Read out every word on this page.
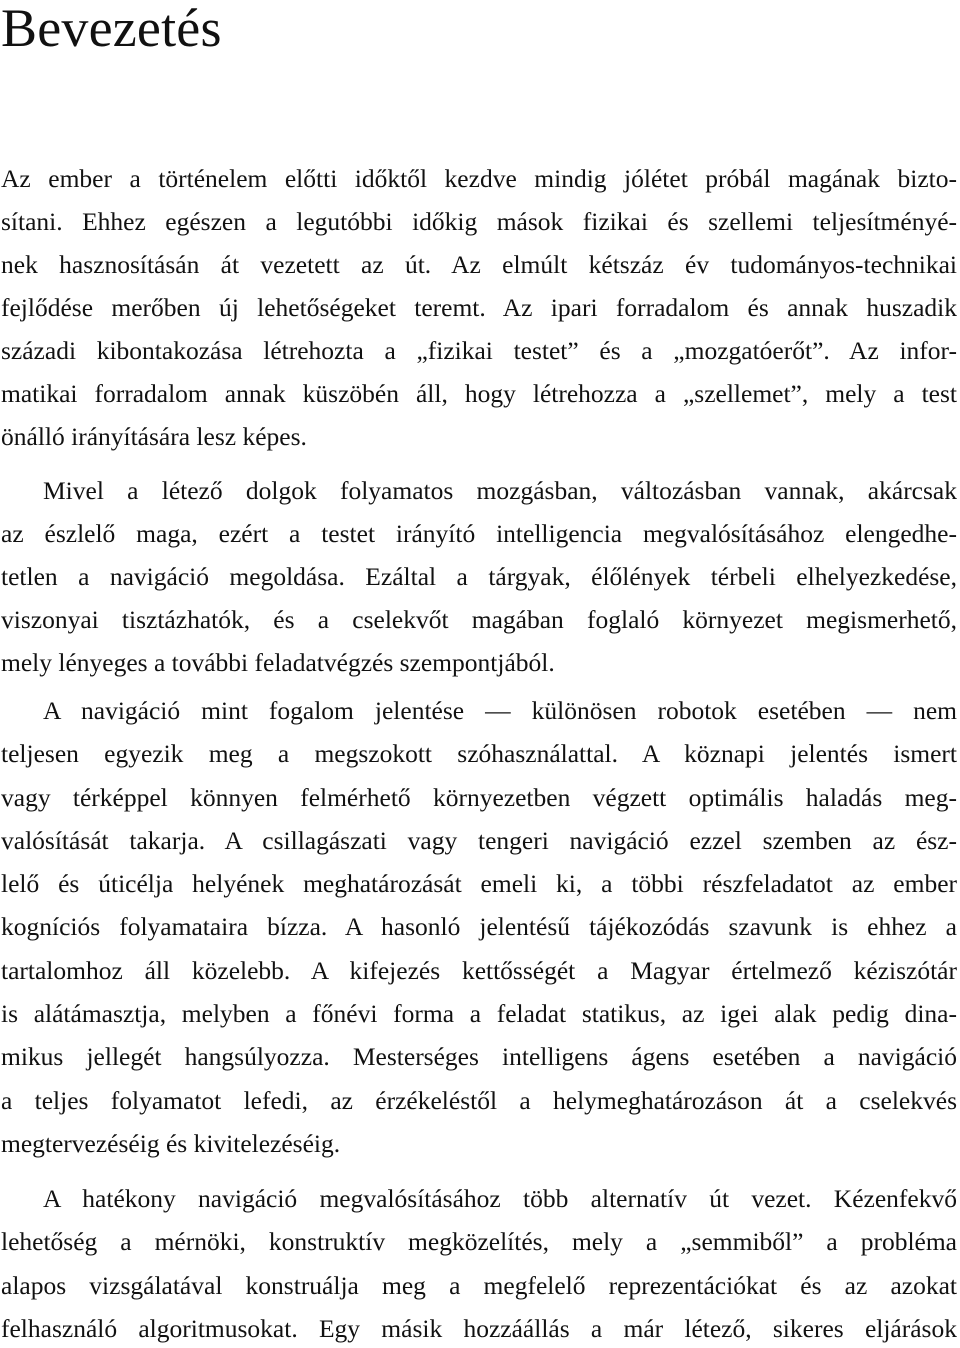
Bevezetés
Az ember a történelem előtti időktől kezdve mindig jólétet próbál magának bizto-
sítani. Ehhez egészen a legutóbbi időkig mások fizikai és szellemi teljesítményé-
nek hasznosításán át vezetett az út. Az elmúlt kétszáz év tudományos-technikai
fejlődése merőben új lehetőségeket teremt. Az ipari forradalom és annak huszadik
századi kibontakozása létrehozta a „fizikai testet” és a „mozgatóerőt”. Az infor-
matikai forradalom annak küszöbén áll, hogy létrehozza a „szellemet”, mely a test
önálló irányítására lesz képes.
Mivel a létező dolgok folyamatos mozgásban, változásban vannak, akárcsak
az észlelő maga, ezért a testet irányító intelligencia megvalósításához elengedhe-
tetlen a navigáció megoldása. Ezáltal a tárgyak, élőlények térbeli elhelyezkedése,
viszonyai tisztázhatók, és a cselekvőt magában foglaló környezet megismerhető,
mely lényeges a további feladatvégzés szempontjából.
A navigáció mint fogalom jelentése — különösen robotok esetében — nem
teljesen egyezik meg a megszokott szóhasználattal. A köznapi jelentés ismert
vagy térképpel könnyen felmérhető környezetben végzett optimális haladás meg-
valósítását takarja. A csillagászati vagy tengeri navigáció ezzel szemben az ész-
lelő és úticélja helyének meghatározását emeli ki, a többi részfeladatot az ember
kogníciós folyamataira bízza. A hasonló jelentésű tájékozódás szavunk is ehhez a
tartalomhoz áll közelebb. A kifejezés kettősségét a Magyar értelmező kéziszótár
is alátámasztja, melyben a főnévi forma a feladat statikus, az igei alak pedig dina-
mikus jellegét hangsúlyozza. Mesterséges intelligens ágens esetében a navigáció
a teljes folyamatot lefedi, az érzékeléstől a helymeghatározáson át a cselekvés
megtervezéséig és kivitelezéséig.
A hatékony navigáció megvalósításához több alternatív út vezet. Kézenfekvő
lehetőség a mérnöki, konstruktív megközelítés, mely a „semmiből” a probléma
alapos vizsgálatával konstruálja meg a megfelelő reprezentációkat és az azokat
felhasználó algoritmusokat. Egy másik hozzáállás a már létező, sikeres eljárások
